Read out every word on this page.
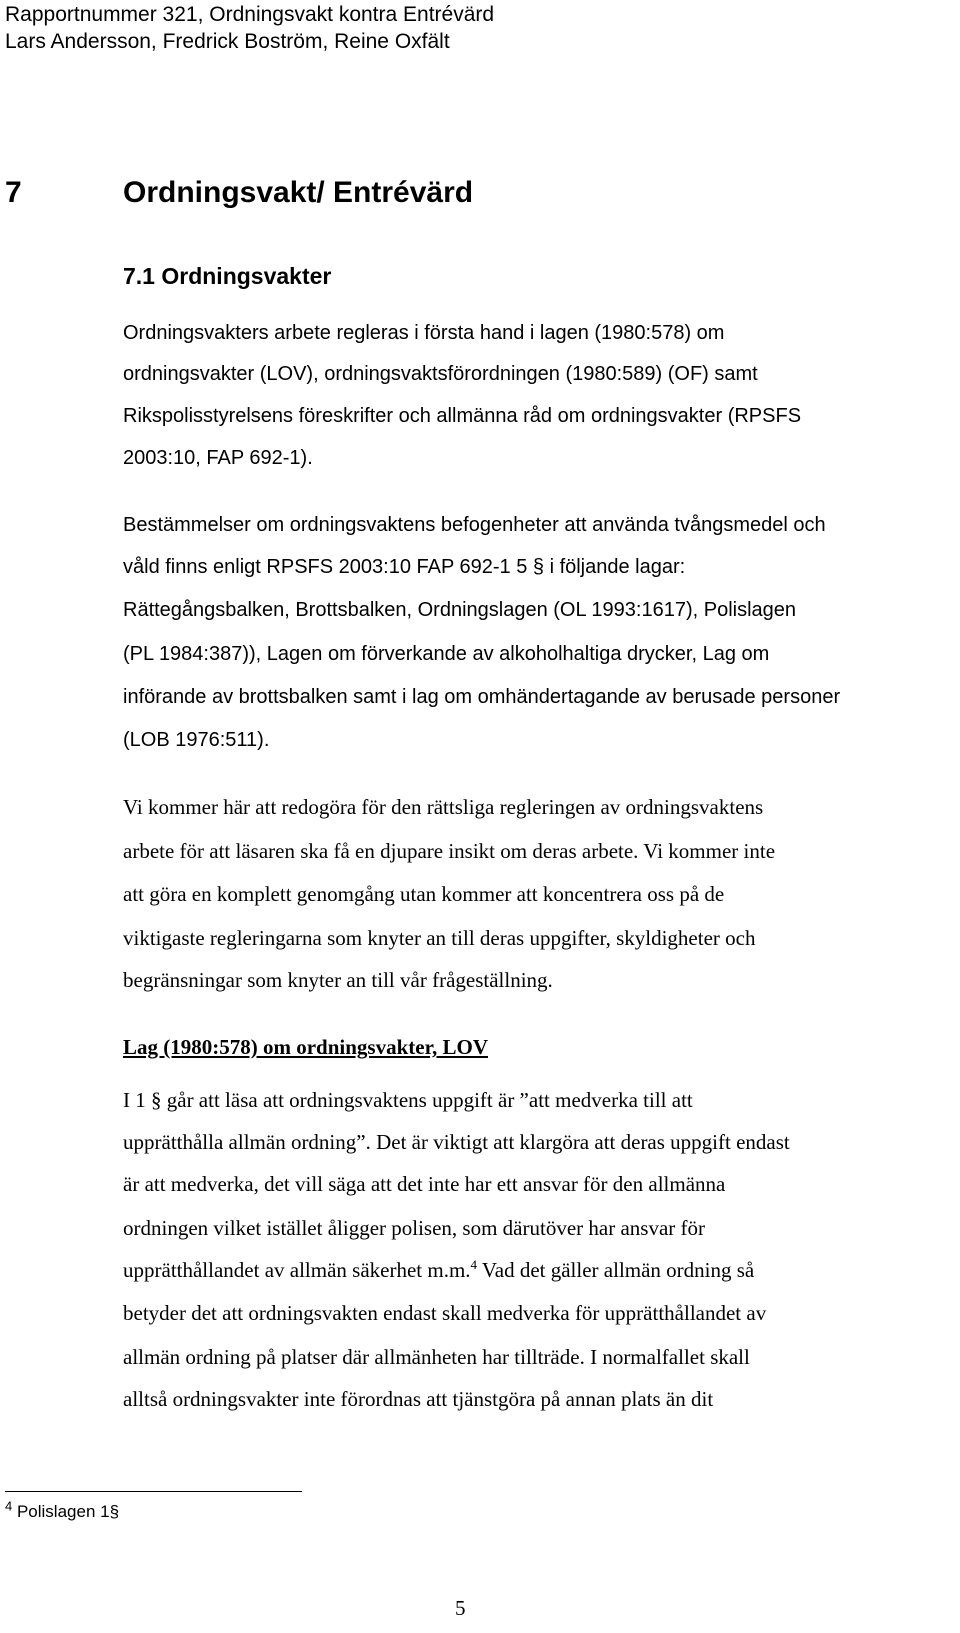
Rapportnummer 321, Ordningsvakt kontra Entrévärd
Lars Andersson, Fredrick Boström, Reine Oxfält
7	Ordningsvakt/ Entrévärd
7.1 Ordningsvakter
Ordningsvakters arbete regleras i första hand i lagen (1980:578) om
ordningsvakter (LOV), ordningsvaktsförordningen (1980:589) (OF) samt
Rikspolisstyrelsens föreskrifter och allmänna råd om ordningsvakter (RPSFS
2003:10, FAP 692-1).
Bestämmelser om ordningsvaktens befogenheter att använda tvångsmedel och
våld finns enligt RPSFS 2003:10 FAP 692-1 5 § i följande lagar:
Rättegångsbalken, Brottsbalken, Ordningslagen (OL 1993:1617), Polislagen
(PL 1984:387)), Lagen om förverkande av alkoholhaltiga drycker, Lag om
införande av brottsbalken samt i lag om omhändertagande av berusade personer
(LOB 1976:511).
Vi kommer här att redogöra för den rättsliga regleringen av ordningsvaktens
arbete för att läsaren ska få en djupare insikt om deras arbete. Vi kommer inte
att göra en komplett genomgång utan kommer att koncentrera oss på de
viktigaste regleringarna som knyter an till deras uppgifter, skyldigheter och
begränsningar som knyter an till vår frågeställning.
Lag (1980:578) om ordningsvakter, LOV
I 1 § går att läsa att ordningsvaktens uppgift är ”att medverka till att
upprätthålla allmän ordning”. Det är viktigt att klargöra att deras uppgift endast
är att medverka, det vill säga att det inte har ett ansvar för den allmänna
ordningen vilket istället åligger polisen, som därutöver har ansvar för
upprätthållandet av allmän säkerhet m.m.$^4$ Vad det gäller allmän ordning så
betyder det att ordningsvakten endast skall medverka för upprätthållandet av
allmän ordning på platser där allmänheten har tillträde. I normalfallet skall
alltså ordningsvakter inte förordnas att tjänstgöra på annan plats än dit
$^4$ Polislagen 1§
5
